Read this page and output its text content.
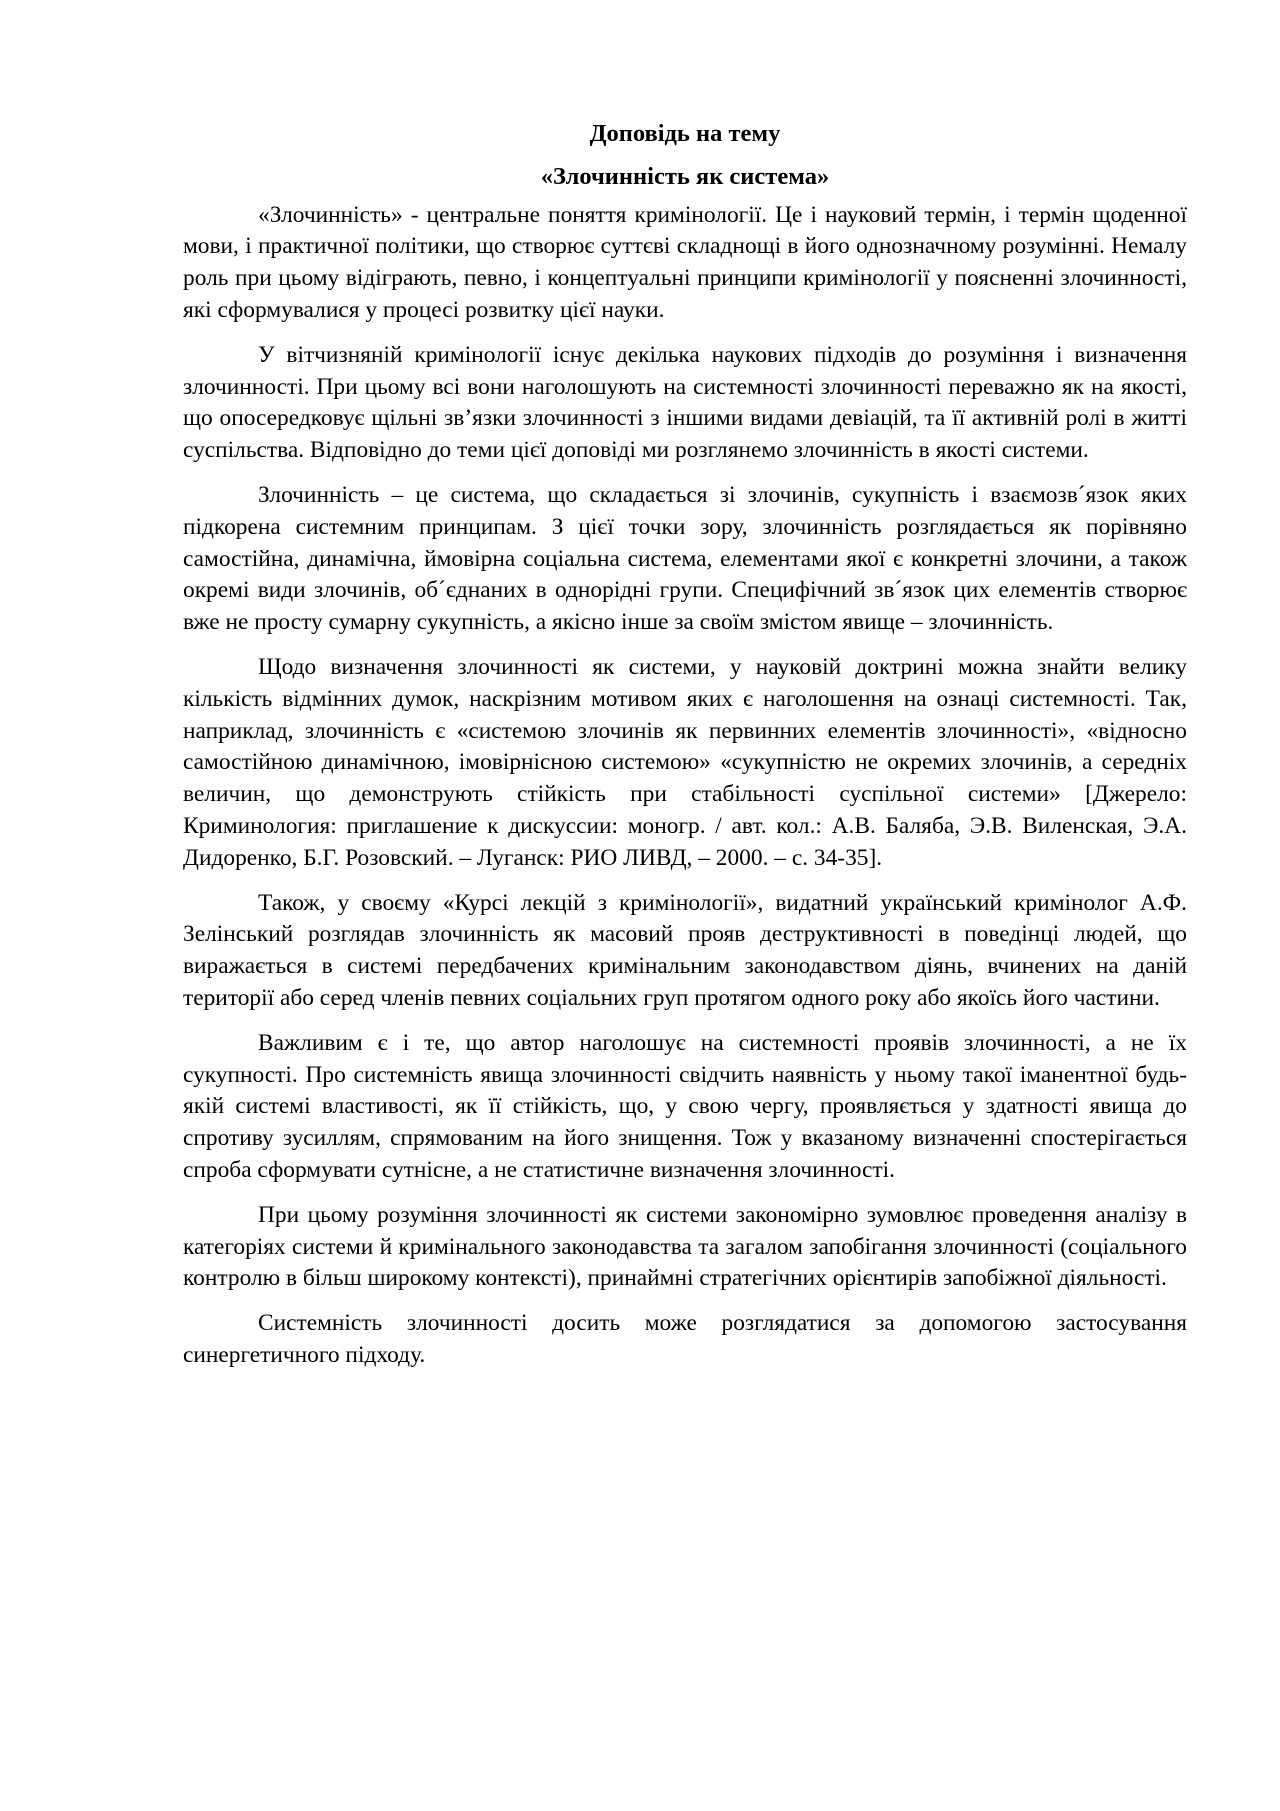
Доповідь на тему
«Злочинність як система»

«Злочинність» - центральне поняття кримінології. Це і науковий термін, і термін щоденної мови, і практичної політики, що створює суттєві складнощі в його однозначному розумінні. Немалу роль при цьому відіграють, певно, і концептуальні принципи кримінології у поясненні злочинності, які сформувалися у процесі розвитку цієї науки.

У вітчизняній кримінології існує декілька наукових підходів до розуміння і визначення злочинності. При цьому всі вони наголошують на системності злочинності переважно як на якості, що опосередковує щільні зв’язки злочинності з іншими видами девіацій, та її активній ролі в житті суспільства. Відповідно до теми цієї доповіді ми розглянемо злочинність в якості системи.

Злочинність – це система, що складається зі злочинів, сукупність і взаємозв´язок яких підкорена системним принципам. З цієї точки зору, злочинність розглядається як порівняно самостійна, динамічна, ймовірна соціальна система, елементами якої є конкретні злочини, а також окремі види злочинів, об´єднаних в однорідні групи. Специфічний зв´язок цих елементів створює вже не просту сумарну сукупність, а якісно інше за своїм змістом явище – злочинність.

Щодо визначення злочинності як системи, у науковій доктрині можна знайти велику кількість відмінних думок, наскрізним мотивом яких є наголошення на ознаці системності. Так, наприклад, злочинність є «системою злочинів як первинних елементів злочинності», «відносно самостійною динамічною, імовірнісною системою» «сукупністю не окремих злочинів, а середніх величин, що демонструють стійкість при стабільності суспільної системи» [Джерело: Криминология: приглашение к дискуссии: моногр. / авт. кол.: А.В. Баляба, Э.В. Виленская, Э.А. Дидоренко, Б.Г. Розовский. – Луганск: РИО ЛИВД, – 2000. – с. 34-35].

Також, у своєму «Курсі лекцій з кримінології», видатний український кримінолог А.Ф. Зелінський розглядав злочинність як масовий прояв деструктивності в поведінці людей, що виражається в системі передбачених кримінальним законодавством діянь, вчинених на даній території або серед членів певних соціальних груп протягом одного року або якоїсь його частини.

Важливим є і те, що автор наголошує на системності проявів злочинності, а не їх сукупності. Про системність явища злочинності свідчить наявність у ньому такої іманентної будь-якій системі властивості, як її стійкість, що, у свою чергу, проявляється у здатності явища до спротиву зусиллям, спрямованим на його знищення. Тож у вказаному визначенні спостерігається спроба сформувати сутнісне, а не статистичне визначення злочинності.

При цьому розуміння злочинності як системи закономірно зумовлює проведення аналізу в категоріях системи й кримінального законодавства та загалом запобігання злочинності (соціального контролю в більш широкому контексті), принаймні стратегічних орієнтирів запобіжної діяльності.

Системність злочинності досить може розглядатися за допомогою застосування синергетичного підходу.
